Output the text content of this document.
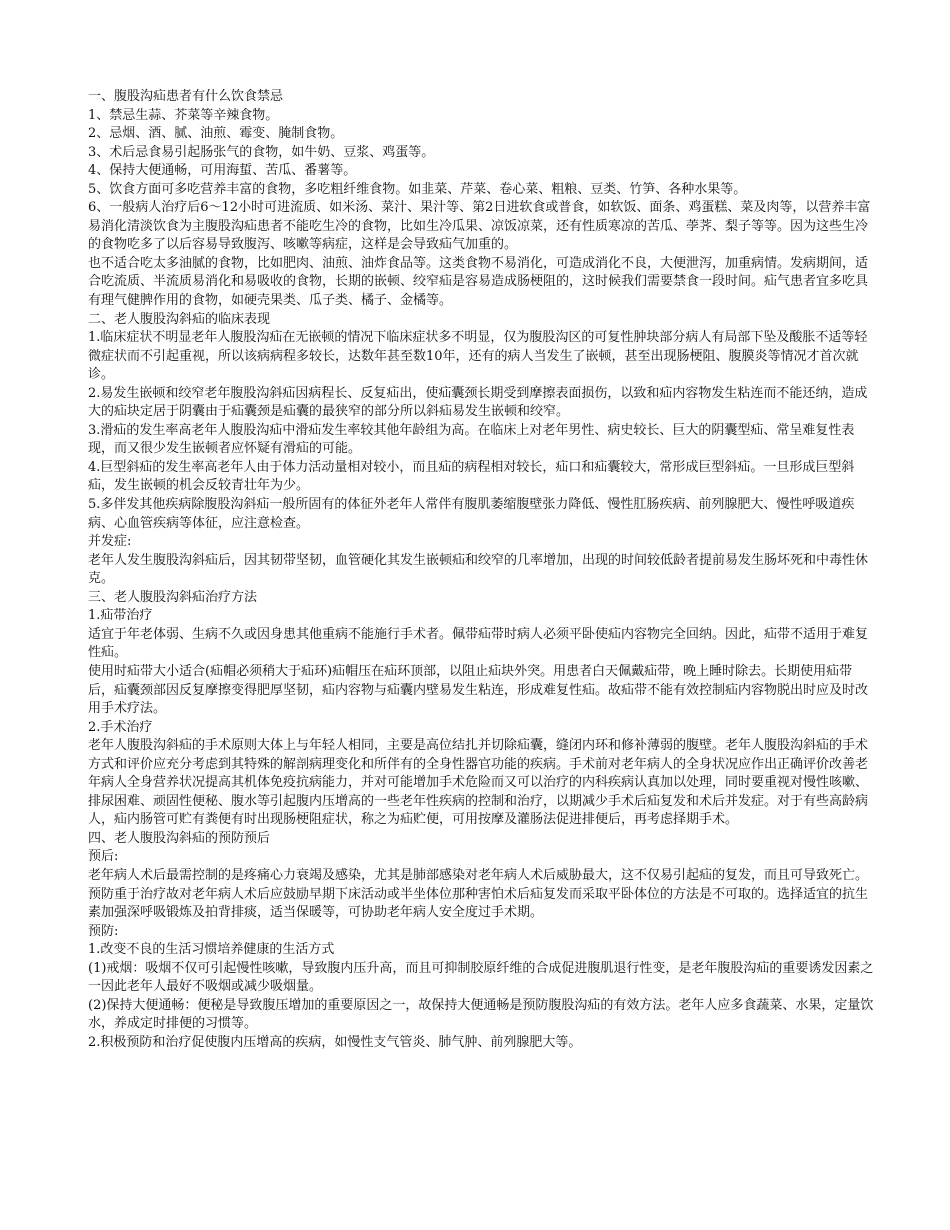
一、腹股沟疝患者有什么饮食禁忌

1、禁忌生蒜、芥菜等辛辣食物。

2、忌烟、酒、腻、油煎、霉变、腌制食物。

3、术后忌食易引起肠张气的食物，如牛奶、豆浆、鸡蛋等。

4、保持大便通畅，可用海蜇、苦瓜、番薯等。

5、饮食方面可多吃营养丰富的食物，多吃粗纤维食物。如韭菜、芹菜、卷心菜、粗粮、豆类、竹笋、各种水果等。

6、一般病人治疗后6～12小时可进流质、如米汤、菜汁、果汁等、第2日进软食或普食，如软饭、面条、鸡蛋糕、菜及肉等，以营养丰富易消化清淡饮食为主腹股沟疝患者不能吃生冷的食物，比如生冷瓜果、凉饭凉菜，还有性质寒凉的苦瓜、荸荠、梨子等等。因为这些生冷的食物吃多了以后容易导致腹泻、咳嗽等病症，这样是会导致疝气加重的。

也不适合吃太多油腻的食物，比如肥肉、油煎、油炸食品等。这类食物不易消化，可造成消化不良，大便泄泻，加重病情。发病期间，适合吃流质、半流质易消化和易吸收的食物，长期的嵌顿、绞窄疝是容易造成肠梗阻的，这时候我们需要禁食一段时间。疝气患者宜多吃具有理气健脾作用的食物，如硬壳果类、瓜子类、橘子、金橘等。

二、老人腹股沟斜疝的临床表现

1.临床症状不明显老年人腹股沟疝在无嵌顿的情况下临床症状多不明显，仅为腹股沟区的可复性肿块部分病人有局部下坠及酸胀不适等轻微症状而不引起重视，所以该病病程多较长，达数年甚至数10年，还有的病人当发生了嵌顿，甚至出现肠梗阻、腹膜炎等情况才首次就诊。

2.易发生嵌顿和绞窄老年腹股沟斜疝因病程长、反复疝出，使疝囊颈长期受到摩擦表面损伤，以致和疝内容物发生粘连而不能还纳，造成大的疝块定居于阴囊由于疝囊颈是疝囊的最狭窄的部分所以斜疝易发生嵌顿和绞窄。

3.滑疝的发生率高老年人腹股沟疝中滑疝发生率较其他年龄组为高。在临床上对老年男性、病史较长、巨大的阴囊型疝、常呈难复性表现，而又很少发生嵌顿者应怀疑有滑疝的可能。

4.巨型斜疝的发生率高老年人由于体力活动量相对较小，而且疝的病程相对较长，疝口和疝囊较大，常形成巨型斜疝。一旦形成巨型斜疝，发生嵌顿的机会反较青壮年为少。

5.多伴发其他疾病除腹股沟斜疝一般所固有的体征外老年人常伴有腹肌萎缩腹壁张力降低、慢性肛肠疾病、前列腺肥大、慢性呼吸道疾病、心血管疾病等体征，应注意检查。

并发症:

老年人发生腹股沟斜疝后，因其韧带坚韧，血管硬化其发生嵌顿疝和绞窄的几率增加，出现的时间较低龄者提前易发生肠坏死和中毒性休克。

三、老人腹股沟斜疝治疗方法

1.疝带治疗

适宜于年老体弱、生病不久或因身患其他重病不能施行手术者。佩带疝带时病人必须平卧使疝内容物完全回纳。因此，疝带不适用于难复性疝。

使用时疝带大小适合(疝帽必须稍大于疝环)疝帽压在疝环顶部，以阻止疝块外突。用患者白天佩戴疝带，晚上睡时除去。长期使用疝带后，疝囊颈部因反复摩擦变得肥厚坚韧，疝内容物与疝囊内壁易发生粘连，形成难复性疝。故疝带不能有效控制疝内容物脱出时应及时改用手术疗法。

2.手术治疗

老年人腹股沟斜疝的手术原则大体上与年轻人相同，主要是高位结扎并切除疝囊，缝闭内环和修补薄弱的腹壁。老年人腹股沟斜疝的手术方式和评价应充分考虑到其特殊的解剖病理变化和所伴有的全身性器官功能的疾病。手术前对老年病人的全身状况应作出正确评价改善老年病人全身营养状况提高其机体免疫抗病能力，并对可能增加手术危险而又可以治疗的内科疾病认真加以处理，同时要重视对慢性咳嗽、排尿困难、顽固性便秘、腹水等引起腹内压增高的一些老年性疾病的控制和治疗，以期减少手术后疝复发和术后并发症。对于有些高龄病人，疝内肠管可贮有粪便有时出现肠梗阻症状，称之为疝贮便，可用按摩及灌肠法促进排便后，再考虑择期手术。

四、老人腹股沟斜疝的预防预后

预后:

老年病人术后最需控制的是疼痛心力衰竭及感染，尤其是肺部感染对老年病人术后威胁最大，这不仅易引起疝的复发，而且可导致死亡。预防重于治疗故对老年病人术后应鼓励早期下床活动或半坐体位那种害怕术后疝复发而采取平卧体位的方法是不可取的。选择适宜的抗生素加强深呼吸锻炼及拍背排痰，适当保暖等，可协助老年病人安全度过手术期。

预防:

1.改变不良的生活习惯培养健康的生活方式

(1)戒烟：吸烟不仅可引起慢性咳嗽，导致腹内压升高，而且可抑制胶原纤维的合成促进腹肌退行性变，是老年腹股沟疝的重要诱发因素之一因此老年人最好不吸烟或减少吸烟量。

(2)保持大便通畅：便秘是导致腹压增加的重要原因之一，故保持大便通畅是预防腹股沟疝的有效方法。老年人应多食蔬菜、水果，定量饮水，养成定时排便的习惯等。

2.积极预防和治疗促使腹内压增高的疾病，如慢性支气管炎、肺气肿、前列腺肥大等。
